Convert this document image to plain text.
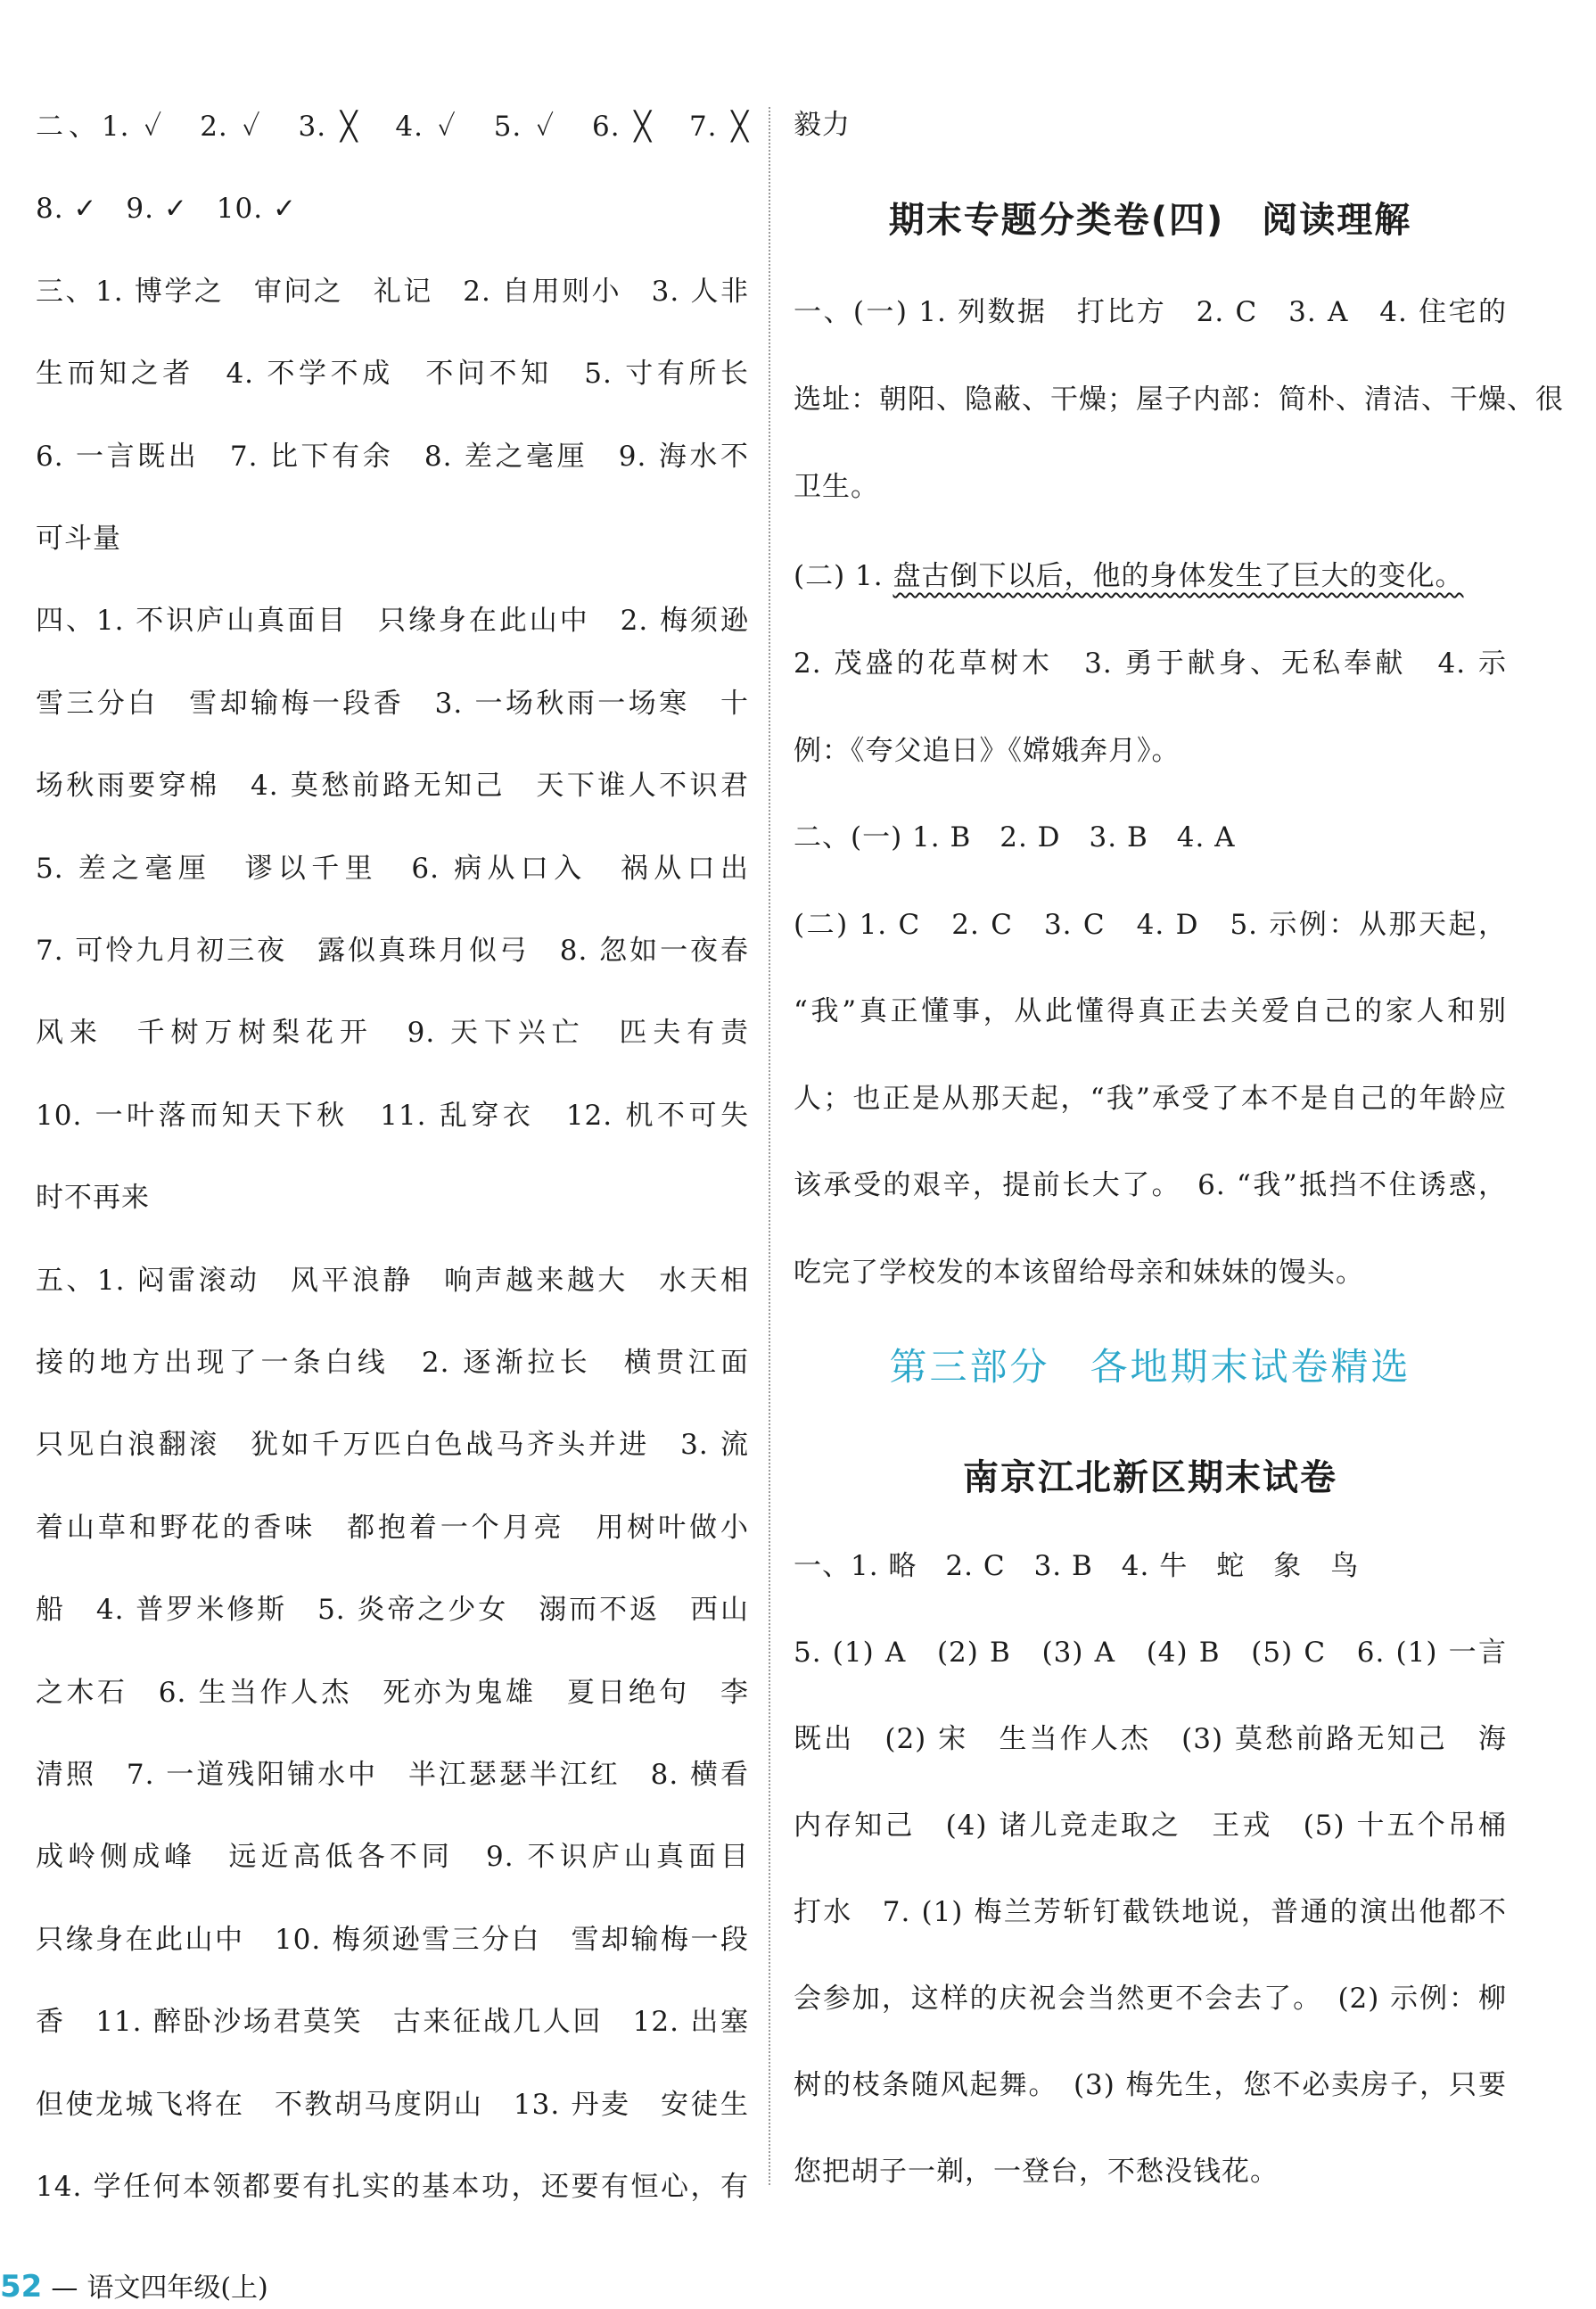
二、1. ✓　2. ✓　3. ╳　4. ✓　5. ✓　6. ╳　7. ╳
8. ✓　9. ✓　10. ✓
三、1. 博学之　审问之　礼记　2. 自用则小　3. 人非
生而知之者　4. 不学不成　不问不知　5. 寸有所长
6. 一言既出　7. 比下有余　8. 差之毫厘　9. 海水不
可斗量
四、1. 不识庐山真面目　只缘身在此山中　2. 梅须逊
雪三分白　雪却输梅一段香　3. 一场秋雨一场寒　十
场秋雨要穿棉　4. 莫愁前路无知己　天下谁人不识君
5. 差之毫厘　谬以千里　6. 病从口入　祸从口出
7. 可怜九月初三夜　露似真珠月似弓　8. 忽如一夜春
风来　千树万树梨花开　9. 天下兴亡　匹夫有责
10. 一叶落而知天下秋　11. 乱穿衣　12. 机不可失
时不再来
五、1. 闷雷滚动　风平浪静　响声越来越大　水天相
接的地方出现了一条白线　2. 逐渐拉长　横贯江面
只见白浪翻滚　犹如千万匹白色战马齐头并进　3. 流
着山草和野花的香味　都抱着一个月亮　用树叶做小
船　4. 普罗米修斯　5. 炎帝之少女　溺而不返　西山
之木石　6. 生当作人杰　死亦为鬼雄　夏日绝句　李
清照　7. 一道残阳铺水中　半江瑟瑟半江红　8. 横看
成岭侧成峰　远近高低各不同　9. 不识庐山真面目
只缘身在此山中　10. 梅须逊雪三分白　雪却输梅一段
香　11. 醉卧沙场君莫笑　古来征战几人回　12. 出塞
但使龙城飞将在　不教胡马度阴山　13. 丹麦　安徒生
14. 学任何本领都要有扎实的基本功，还要有恒心，有
毅力
期末专题分类卷(四)　阅读理解
一、(一) 1. 列数据　打比方　2. C　3. A　4. 住宅的
选址：朝阳、隐蔽、干燥；屋子内部：简朴、清洁、干燥、很
卫生。
(二) 1. 盘古倒下以后，他的身体发生了巨大的变化。
2. 茂盛的花草树木　3. 勇于献身、无私奉献　4. 示
例：《夸父追日》《嫦娥奔月》。
二、(一) 1. B　2. D　3. B　4. A
(二) 1. C　2. C　3. C　4. D　5. 示例：从那天起，
“我”真正懂事，从此懂得真正去关爱自己的家人和别
人；也正是从那天起，“我”承受了本不是自己的年龄应
该承受的艰辛，提前长大了。　6. “我”抵挡不住诱惑，
吃完了学校发的本该留给母亲和妹妹的馒头。
第三部分　各地期末试卷精选
南京江北新区期末试卷
一、1. 略　2. C　3. B　4. 牛　蛇　象　鸟
5. (1) A　(2) B　(3) A　(4) B　(5) C　6. (1) 一言
既出　(2) 宋　生当作人杰　(3) 莫愁前路无知己　海
内存知己　(4) 诸儿竞走取之　王戎　(5) 十五个吊桶
打水　7. (1) 梅兰芳斩钉截铁地说，普通的演出他都不
会参加，这样的庆祝会当然更不会去了。　(2) 示例：柳
树的枝条随风起舞。　(3) 梅先生，您不必卖房子，只要
您把胡子一剃，一登台，不愁没钱花。
52 — 语文四年级(上)
